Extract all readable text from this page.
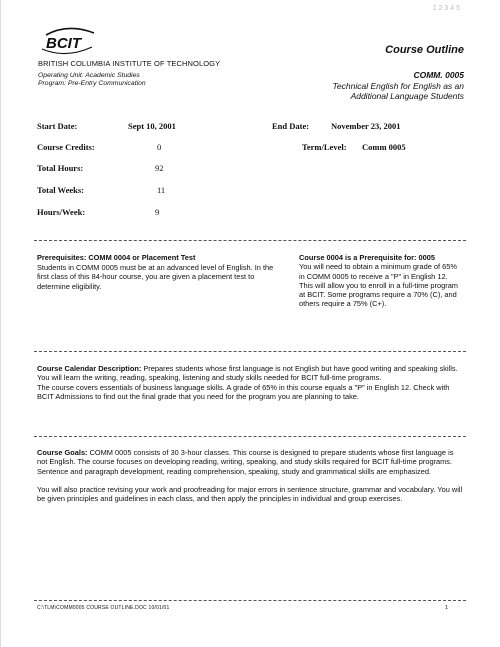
1 2 3 4 5
BCIT
BRITISH COLUMBIA INSTITUTE OF TECHNOLOGY
Operating Unit: Academic Studies
Program: Pre-Entry Communication
Course Outline
COMM. 0005
Technical English for English as an
Additional Language Students
Start Date:	Sept 10, 2001	End Date:	November 23, 2001
Course Credits:	0	Term/Level: Comm 0005
Total Hours:	92
Total Weeks:	11
Hours/Week:	9
Prerequisites: COMM 0004 or Placement Test
Students in COMM 0005 must be at an advanced level of English. In the first class of this 84-hour course, you are given a placement test to determine eligibility.
Course 0004 is a Prerequisite for: 0005
You will need to obtain a minimum grade of 65% in COMM 0005 to receive a "P" in English 12. This will allow you to enroll in a full-time program at BCIT. Some programs require a 70% (C), and others require a 75% (C+).
Course Calendar Description: Prepares students whose first language is not English but have good writing and speaking skills. You will learn the writing, reading, speaking, listening and study skills needed for BCIT full-time programs.
The course covers essentials of business language skills. A grade of 65% in this course equals a "P" in English 12. Check with BCIT Admissions to find out the final grade that you need for the program you are planning to take.
Course Goals: COMM 0005 consists of 30 3-hour classes. This course is designed to prepare students whose first language is not English. The course focuses on developing reading, writing, speaking, and study skills required for BCIT full-time programs. Sentence and paragraph development, reading comprehension, speaking, study and grammatical skills are emphasized.
You will also practice revising your work and proofreading for major errors in sentence structure, grammar and vocabulary. You will be given principles and guidelines in each class, and then apply the principles in individual and group exercises.
C:\TLM\COMM0005 COURSE OUTLINE.DOC 10/01/01	1
